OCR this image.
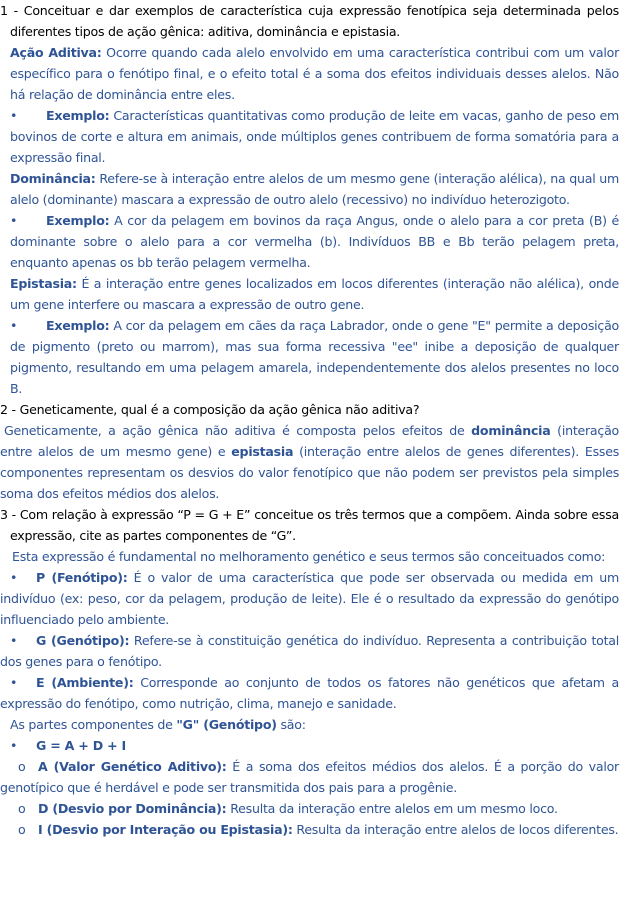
1 - Conceituar e dar exemplos de característica cuja expressão fenotípica seja determinada pelos diferentes tipos de ação gênica: aditiva, dominância e epistasia.

Ação Aditiva: Ocorre quando cada alelo envolvido em uma característica contribui com um valor específico para o fenótipo final, e o efeito total é a soma dos efeitos individuais desses alelos. Não há relação de dominância entre eles.

• Exemplo: Características quantitativas como produção de leite em vacas, ganho de peso em bovinos de corte e altura em animais, onde múltiplos genes contribuem de forma somatória para a expressão final.

Dominância: Refere-se à interação entre alelos de um mesmo gene (interação alélica), na qual um alelo (dominante) mascara a expressão de outro alelo (recessivo) no indivíduo heterozigoto.

• Exemplo: A cor da pelagem em bovinos da raça Angus, onde o alelo para a cor preta (B) é dominante sobre o alelo para a cor vermelha (b). Indivíduos BB e Bb terão pelagem preta, enquanto apenas os bb terão pelagem vermelha.

Epistasia: É a interação entre genes localizados em locos diferentes (interação não alélica), onde um gene interfere ou mascara a expressão de outro gene.

• Exemplo: A cor da pelagem em cães da raça Labrador, onde o gene "E" permite a deposição de pigmento (preto ou marrom), mas sua forma recessiva "ee" inibe a deposição de qualquer pigmento, resultando em uma pelagem amarela, independentemente dos alelos presentes no loco B.

2 - Geneticamente, qual é a composição da ação gênica não aditiva?

Geneticamente, a ação gênica não aditiva é composta pelos efeitos de dominância (interação entre alelos de um mesmo gene) e epistasia (interação entre alelos de genes diferentes). Esses componentes representam os desvios do valor fenotípico que não podem ser previstos pela simples soma dos efeitos médios dos alelos.

3 - Com relação à expressão “P = G + E” conceitue os três termos que a compõem. Ainda sobre essa expressão, cite as partes componentes de “G”.

Esta expressão é fundamental no melhoramento genético e seus termos são conceituados como:

• P (Fenótipo): É o valor de uma característica que pode ser observada ou medida em um indivíduo (ex: peso, cor da pelagem, produção de leite). Ele é o resultado da expressão do genótipo influenciado pelo ambiente.

• G (Genótipo): Refere-se à constituição genética do indivíduo. Representa a contribuição total dos genes para o fenótipo.

• E (Ambiente): Corresponde ao conjunto de todos os fatores não genéticos que afetam a expressão do fenótipo, como nutrição, clima, manejo e sanidade.

As partes componentes de "G" (Genótipo) são:

• G = A + D + I

o A (Valor Genético Aditivo): É a soma dos efeitos médios dos alelos. É a porção do valor genotípico que é herdável e pode ser transmitida dos pais para a progênie.

o D (Desvio por Dominância): Resulta da interação entre alelos em um mesmo loco.

o I (Desvio por Interação ou Epistasia): Resulta da interação entre alelos de locos diferentes.
